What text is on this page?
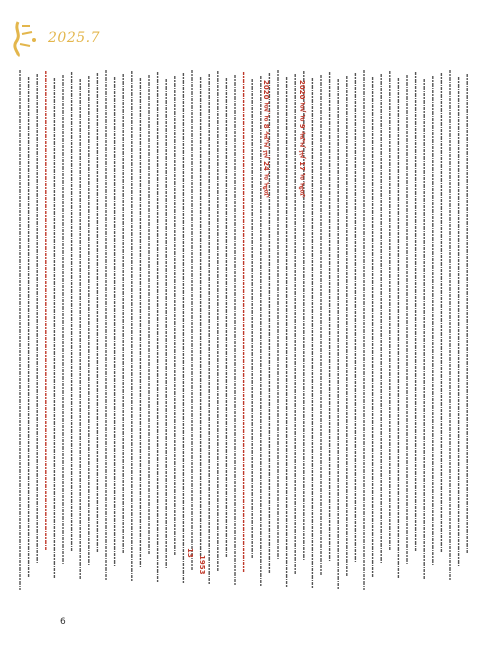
2025.7
2020 ᠣᠨ ᠤ 8 ᠰᠠᠷ᠎ᠠ ᠶᠢᠨ 24 ᠤ ᠡᠳᠦᠷ	2020 ᠣᠨ ᠤ 9 ᠰᠠᠷ᠎ᠠ ᠶᠢᠨ 17 ᠤ ᠡᠳᠦᠷ
1953
13
6
